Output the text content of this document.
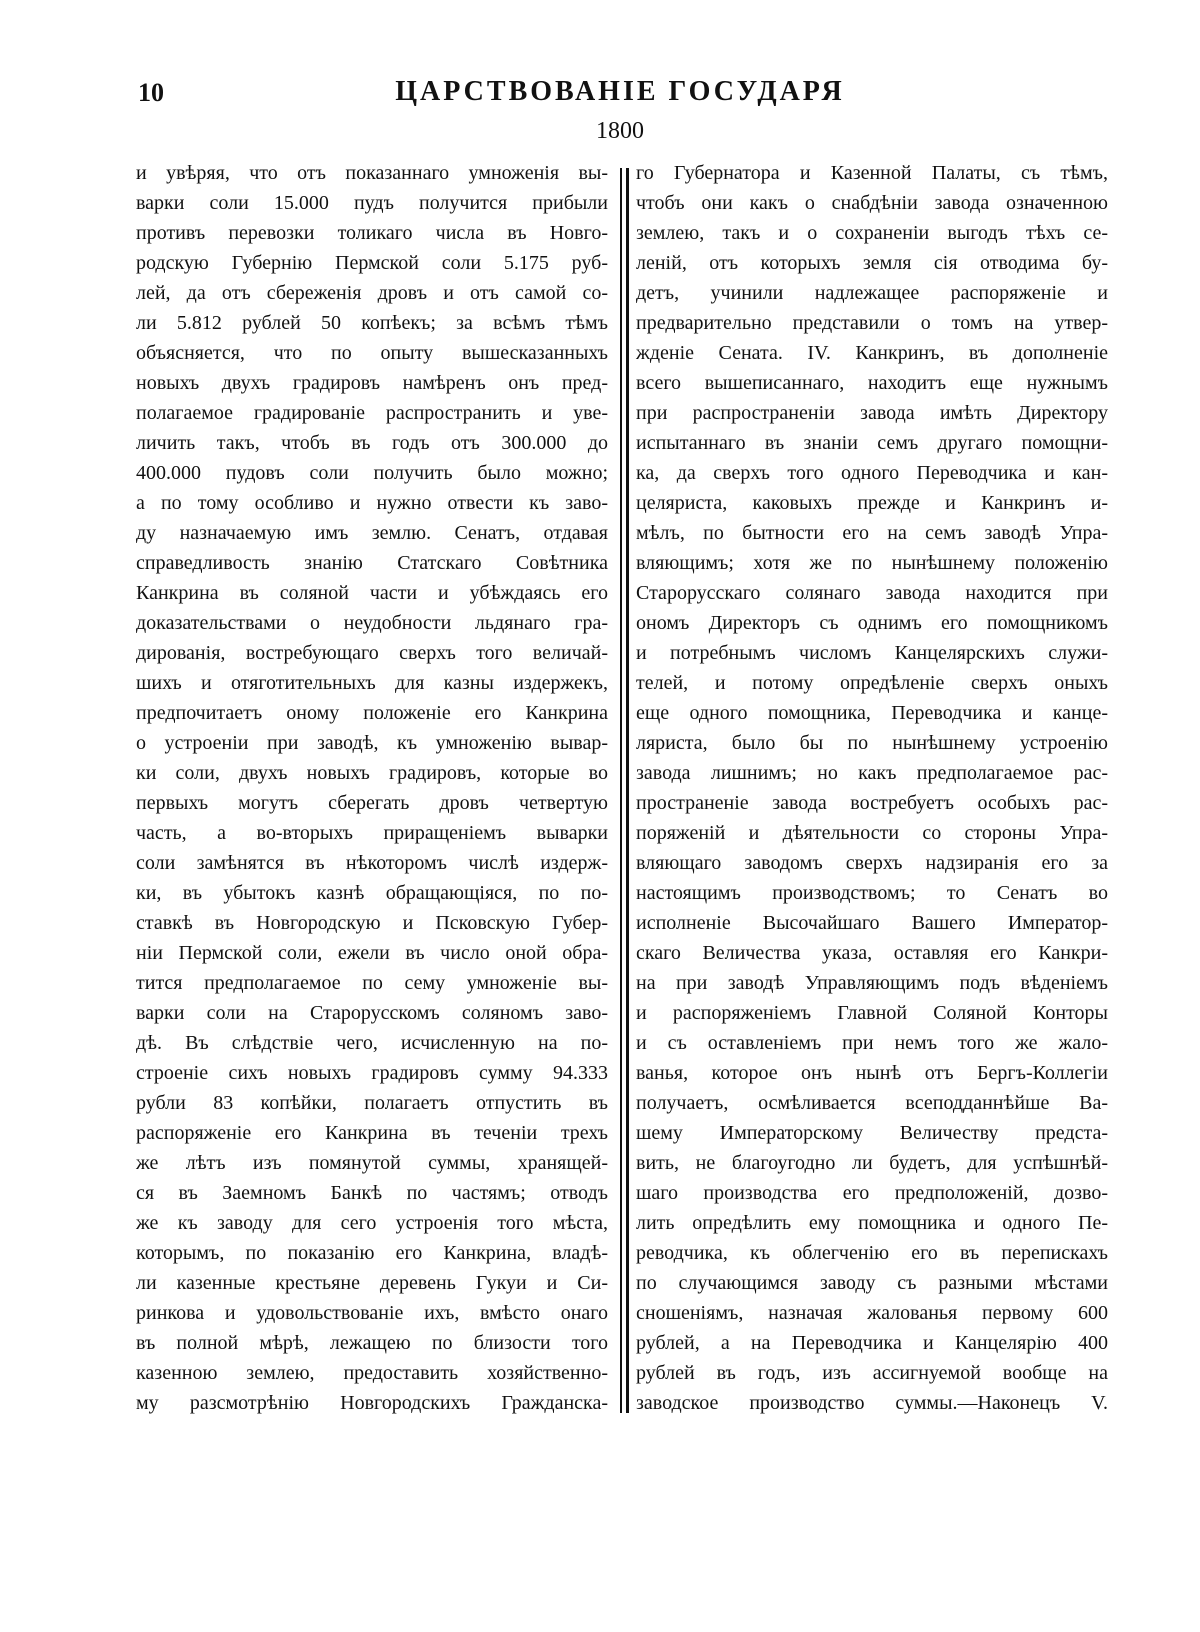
10	ЦАРСТВОВАНІЕ ГОСУДАРЯ
1800
и увѣряя, что отъ показаннаго умноженія вы-
варки соли 15.000 пудъ получится прибыли
противъ перевозки толикаго числа въ Новго-
родскую Губернію Пермской соли 5.175 руб-
лей, да отъ сбереженія дровъ и отъ самой со-
ли 5.812 рублей 50 копѣекъ; за всѣмъ тѣмъ
объясняется, что по опыту вышесказанныхъ
новыхъ двухъ градировъ намѣренъ онъ пред-
полагаемое градированіе распространить и уве-
личить такъ, чтобъ въ годъ отъ 300.000 до
400.000 пудовъ соли получить было можно;
а по тому особливо и нужно отвести къ заво-
ду назначаемую имъ землю. Сенатъ, отдавая
справедливость знанію Статскаго Совѣтника
Канкрина въ соляной части и убѣждаясь его
доказательствами о неудобности льдянаго гра-
дированія, востребующаго сверхъ того величай-
шихъ и отяготительныхъ для казны издержекъ,
предпочитаетъ оному положеніе его Канкрина
о устроеніи при заводѣ, къ умноженію вывар-
ки соли, двухъ новыхъ градировъ, которые во
первыхъ могутъ сберегать дровъ четвертую
часть, а во-вторыхъ приращеніемъ выварки
соли замѣнятся въ нѣкоторомъ числѣ издерж-
ки, въ убытокъ казнѣ обращающіяся, по по-
ставкѣ въ Новгородскую и Псковскую Губер-
ніи Пермской соли, ежели въ число оной обра-
тится предполагаемое по сему умноженіе вы-
варки соли на Старорусскомъ соляномъ заво-
дѣ. Въ слѣдствіе чего, исчисленную на по-
строеніе сихъ новыхъ градировъ сумму 94.333
рубли 83 копѣйки, полагаетъ отпустить въ
распоряженіе его Канкрина въ теченіи трехъ
же лѣтъ изъ помянутой суммы, хранящей-
ся въ Заемномъ Банкѣ по частямъ; отводъ
же къ заводу для сего устроенія того мѣста,
которымъ, по показанію его Канкрина, владѣ-
ли казенные крестьяне деревень Гукуи и Си-
ринкова и удовольствованіе ихъ, вмѣсто онаго
въ полной мѣрѣ, лежащею по близости того
казенною землею, предоставить хозяйственно-
му разсмотрѣнію Новгородскихъ Гражданска-
го Губернатора и Казенной Палаты, съ тѣмъ,
чтобъ они какъ о снабдѣніи завода означенною
землею, такъ и о сохраненіи выгодъ тѣхъ се-
леній, отъ которыхъ земля сія отводима бу-
детъ, учинили надлежащее распоряженіе и
предварительно представили о томъ на утвер-
жденіе Сената. IV. Канкринъ, въ дополненіе
всего вышеписаннаго, находитъ еще нужнымъ
при распространеніи завода имѣть Директору
испытаннаго въ знаніи семъ другаго помощни-
ка, да сверхъ того одного Переводчика и кан-
целяриста, каковыхъ прежде и Канкринъ и-
мѣлъ, по бытности его на семъ заводѣ Упра-
вляющимъ; хотя же по нынѣшнему положенію
Старорусскаго солянаго завода находится при
ономъ Директоръ съ однимъ его помощникомъ
и потребнымъ числомъ Канцелярскихъ служи-
телей, и потому опредѣленіе сверхъ оныхъ
еще одного помощника, Переводчика и канце-
ляриста, было бы по нынѣшнему устроенію
завода лишнимъ; но какъ предполагаемое рас-
пространеніе завода востребуетъ особыхъ рас-
поряженій и дѣятельности со стороны Упра-
вляющаго заводомъ сверхъ надзиранія его за
настоящимъ производствомъ; то Сенатъ во
исполненіе Высочайшаго Вашего Император-
скаго Величества указа, оставляя его Канкри-
на при заводѣ Управляющимъ подъ вѣденіемъ
и распоряженіемъ Главной Соляной Конторы
и съ оставленіемъ при немъ того же жало-
ванья, которое онъ нынѣ отъ Бергъ-Коллегіи
получаетъ, осмѣливается всеподданнѣйше Ва-
шему Императорскому Величеству предста-
вить, не благоугодно ли будетъ, для успѣшнѣй-
шаго производства его предположеній, дозво-
лить опредѣлить ему помощника и одного Пе-
реводчика, къ облегченію его въ перепискахъ
по случающимся заводу съ разными мѣстами
сношеніямъ, назначая жалованья первому 600
рублей, а на Переводчика и Канцелярію 400
рублей въ годъ, изъ ассигнуемой вообще на
заводское производство суммы.—Наконецъ V.
